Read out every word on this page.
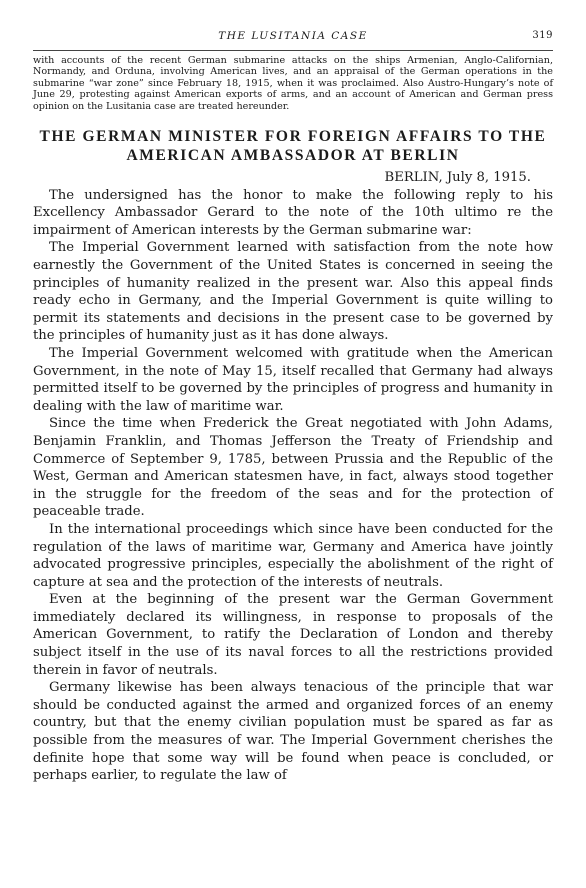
THE LUSITANIA CASE	319

with accounts of the recent German submarine attacks on the ships Armenian, Anglo-Californian, Normandy, and Orduna, involving American lives, and an appraisal of the German operations in the submarine “war zone” since February 18, 1915, when it was proclaimed. Also Austro-Hungary’s note of June 29, protesting against American exports of arms, and an account of American and German press opinion on the Lusitania case are treated hereunder.

THE GERMAN MINISTER FOR FOREIGN AFFAIRS TO THE AMERICAN AMBASSADOR AT BERLIN
BERLIN, July 8, 1915.

The undersigned has the honor to make the following reply to his Excellency Ambassador Gerard to the note of the 10th ultimo re the impairment of American interests by the German submarine war:

The Imperial Government learned with satisfaction from the note how earnestly the Government of the United States is concerned in seeing the principles of humanity realized in the present war. Also this appeal finds ready echo in Germany, and the Imperial Government is quite willing to permit its statements and decisions in the present case to be governed by the principles of humanity just as it has done always.

The Imperial Government welcomed with gratitude when the American Government, in the note of May 15, itself recalled that Germany had always permitted itself to be governed by the principles of progress and humanity in dealing with the law of maritime war.

Since the time when Frederick the Great negotiated with John Adams, Benjamin Franklin, and Thomas Jefferson the Treaty of Friendship and Commerce of September 9, 1785, between Prussia and the Republic of the West, German and American statesmen have, in fact, always stood together in the struggle for the freedom of the seas and for the protection of peaceable trade.

In the international proceedings which since have been conducted for the regulation of the laws of maritime war, Germany and America have jointly advocated progressive principles, especially the abolishment of the right of capture at sea and the protection of the interests of neutrals.

Even at the beginning of the present war the German Government immediately declared its willingness, in response to proposals of the American Government, to ratify the Declaration of London and thereby subject itself in the use of its naval forces to all the restrictions provided therein in favor of neutrals.

Germany likewise has been always tenacious of the principle that war should be conducted against the armed and organized forces of an enemy country, but that the enemy civilian population must be spared as far as possible from the measures of war. The Imperial Government cherishes the definite hope that some way will be found when peace is concluded, or perhaps earlier, to regulate the law of
